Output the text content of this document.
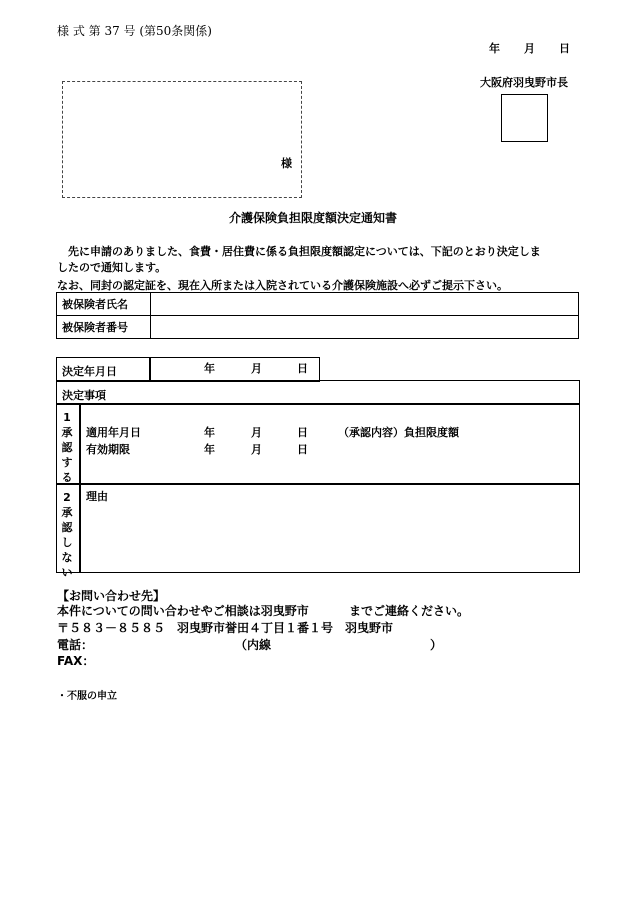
様 式 第 37 号 (第50条関係)
年 月 日
大阪府羽曳野市長
様
介護保険負担限度額決定通知書
先に申請のありました、食費・居住費に係る負担限度額認定については、下記のとおり決定しま
したので通知します。
なお、同封の認定証を、現在入所または入院されている介護保険施設へ必ずご提示下さい。
被保険者氏名	
被保険者番号	
決定年月日	年	月	日
決定事項
1承認する
適用年月日	年	月	日	（承認内容）負担限度額
有効期限	年	月	日
2承認しない
理由
【お問い合わせ先】
本件についての問い合わせやご相談は羽曳野市	までご連絡ください。
〒５８３－８５８５　羽曳野市誉田４丁目１番１号　羽曳野市
電話：	（内線	）
FAX：
・不服の申立
